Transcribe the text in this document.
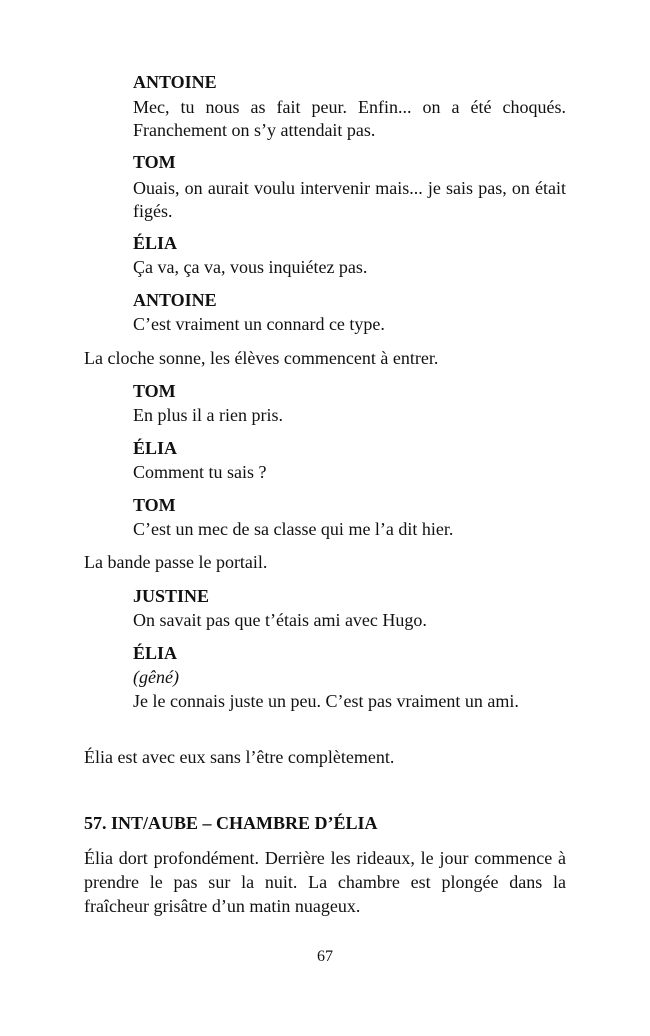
ANTOINE
Mec, tu nous as fait peur. Enfin... on a été choqués. Franchement on s’y attendait pas.
TOM
Ouais, on aurait voulu intervenir mais... je sais pas, on était figés.
ÉLIA
Ça va, ça va, vous inquiétez pas.
ANTOINE
C’est vraiment un connard ce type.
La cloche sonne, les élèves commencent à entrer.
TOM
En plus il a rien pris.
ÉLIA
Comment tu sais ?
TOM
C’est un mec de sa classe qui me l’a dit hier.
La bande passe le portail.
JUSTINE
On savait pas que t’étais ami avec Hugo.
ÉLIA
(gêné)
Je le connais juste un peu. C’est pas vraiment un ami.
Élia est avec eux sans l’être complètement.
57. INT/AUBE – CHAMBRE D’ÉLIA
Élia dort profondément. Derrière les rideaux, le jour commence à prendre le pas sur la nuit. La chambre est plongée dans la fraîcheur grisâtre d’un matin nuageux.
67
